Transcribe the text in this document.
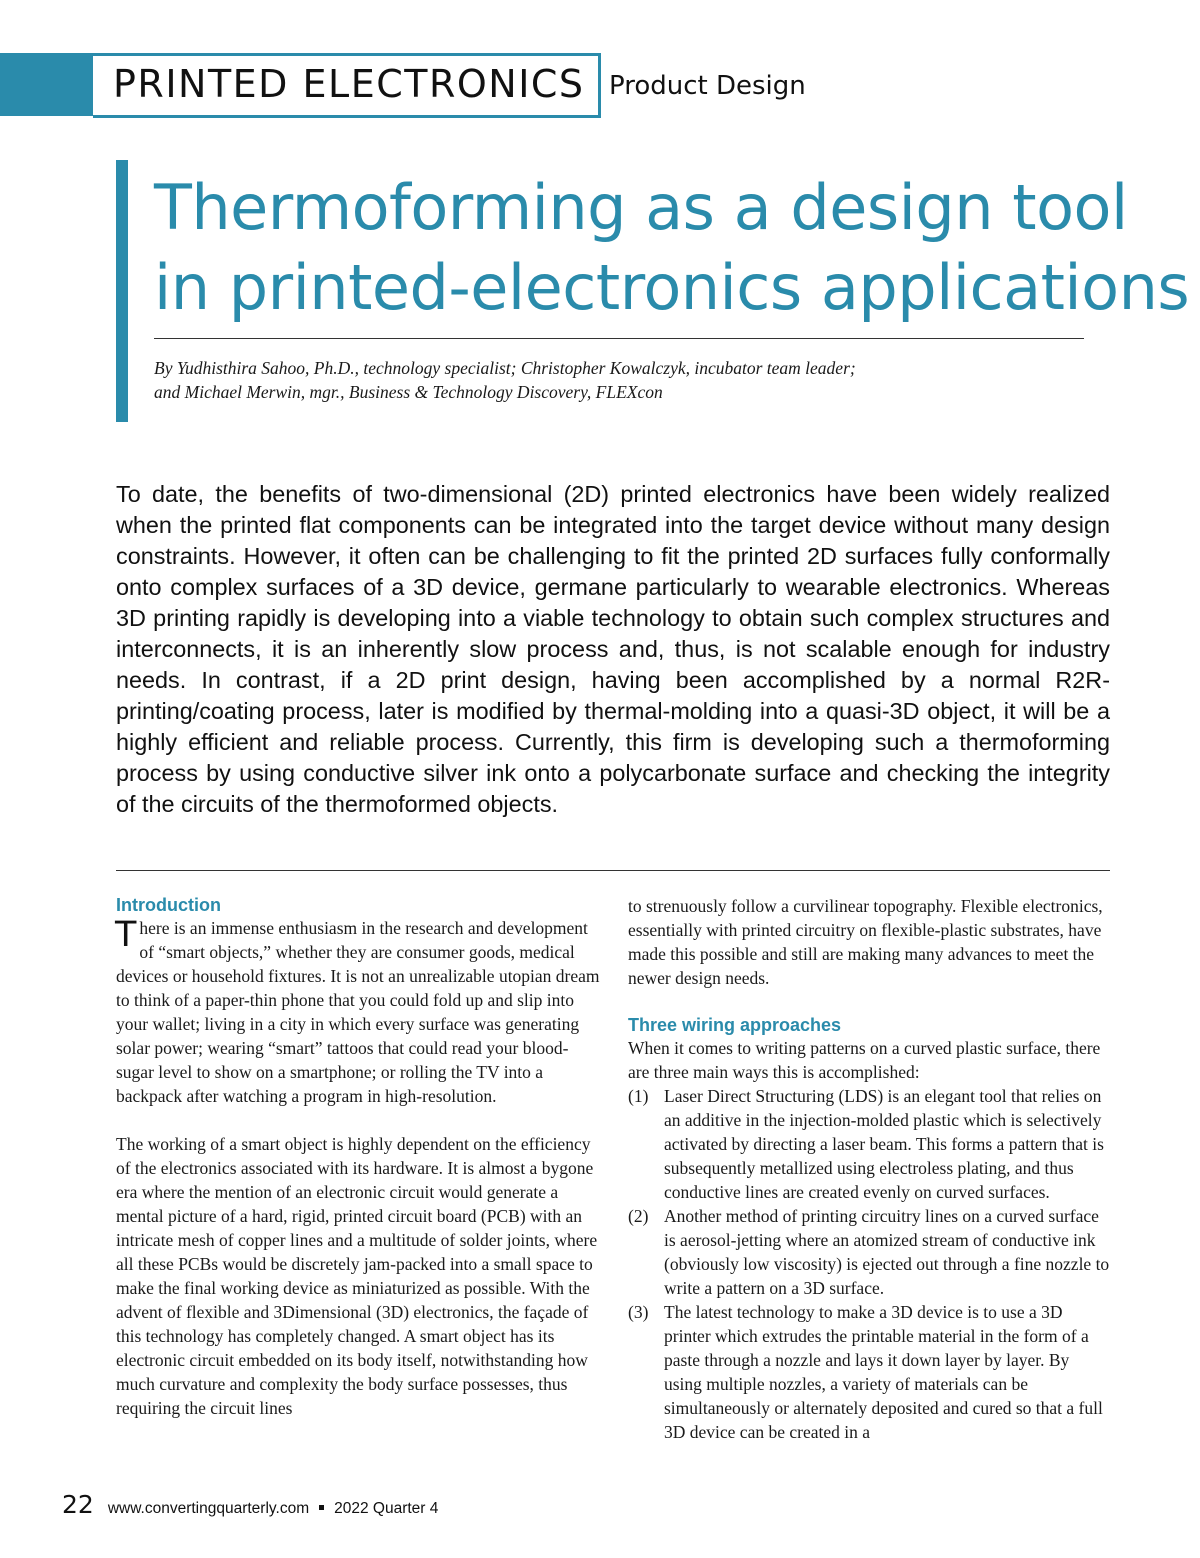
PRINTED ELECTRONICS Product Design
Thermoforming as a design tool
in printed-electronics applications
By Yudhisthira Sahoo, Ph.D., technology specialist; Christopher Kowalczyk, incubator team leader;
and Michael Merwin, mgr., Business & Technology Discovery, FLEXcon

To date, the benefits of two-dimensional (2D) printed electronics have been widely realized when the printed flat components can be integrated into the target device without many design constraints. However, it often can be challenging to fit the printed 2D surfaces fully conformally onto complex surfaces of a 3D device, germane particularly to wearable electronics. Whereas 3D printing rapidly is developing into a viable technology to obtain such complex structures and interconnects, it is an inherently slow process and, thus, is not scalable enough for industry needs. In contrast, if a 2D print design, having been accomplished by a normal R2R-printing/coating process, later is modified by thermal-molding into a quasi-3D object, it will be a highly efficient and reliable process. Currently, this firm is developing such a thermoforming process by using conductive silver ink onto a polycarbonate surface and checking the integrity of the circuits of the thermoformed objects.

Introduction

There is an immense enthusiasm in the research and development of “smart objects,” whether they are consumer goods, medical devices or household fixtures. It is not an unrealizable utopian dream to think of a paper-thin phone that you could fold up and slip into your wallet; living in a city in which every surface was generating solar power; wearing “smart” tattoos that could read your blood-sugar level to show on a smartphone; or rolling the TV into a backpack after watching a program in high-resolution.

The working of a smart object is highly dependent on the efficiency of the electronics associated with its hardware. It is almost a bygone era where the mention of an electronic circuit would generate a mental picture of a hard, rigid, printed circuit board (PCB) with an intricate mesh of copper lines and a multitude of solder joints, where all these PCBs would be discretely jam-packed into a small space to make the final working device as miniaturized as possible. With the advent of flexible and 3Dimensional (3D) electronics, the façade of this technology has completely changed. A smart object has its electronic circuit embedded on its body itself, notwithstanding how much curvature and complexity the body surface possesses, thus requiring the circuit lines

to strenuously follow a curvilinear topography. Flexible electronics, essentially with printed circuitry on flexible-plastic substrates, have made this possible and still are making many advances to meet the newer design needs.

Three wiring approaches

When it comes to writing patterns on a curved plastic surface, there are three main ways this is accomplished:

(1) Laser Direct Structuring (LDS) is an elegant tool that relies on an additive in the injection-molded plastic which is selectively activated by directing a laser beam. This forms a pattern that is subsequently metallized using electroless plating, and thus conductive lines are created evenly on curved surfaces.
(2) Another method of printing circuitry lines on a curved surface is aerosol-jetting where an atomized stream of conductive ink (obviously low viscosity) is ejected out through a fine nozzle to write a pattern on a 3D surface.
(3) The latest technology to make a 3D device is to use a 3D printer which extrudes the printable material in the form of a paste through a nozzle and lays it down layer by layer. By using multiple nozzles, a variety of materials can be simultaneously or alternately deposited and cured so that a full 3D device can be created in a
22 www.convertingquarterly.com 2022 Quarter 4
